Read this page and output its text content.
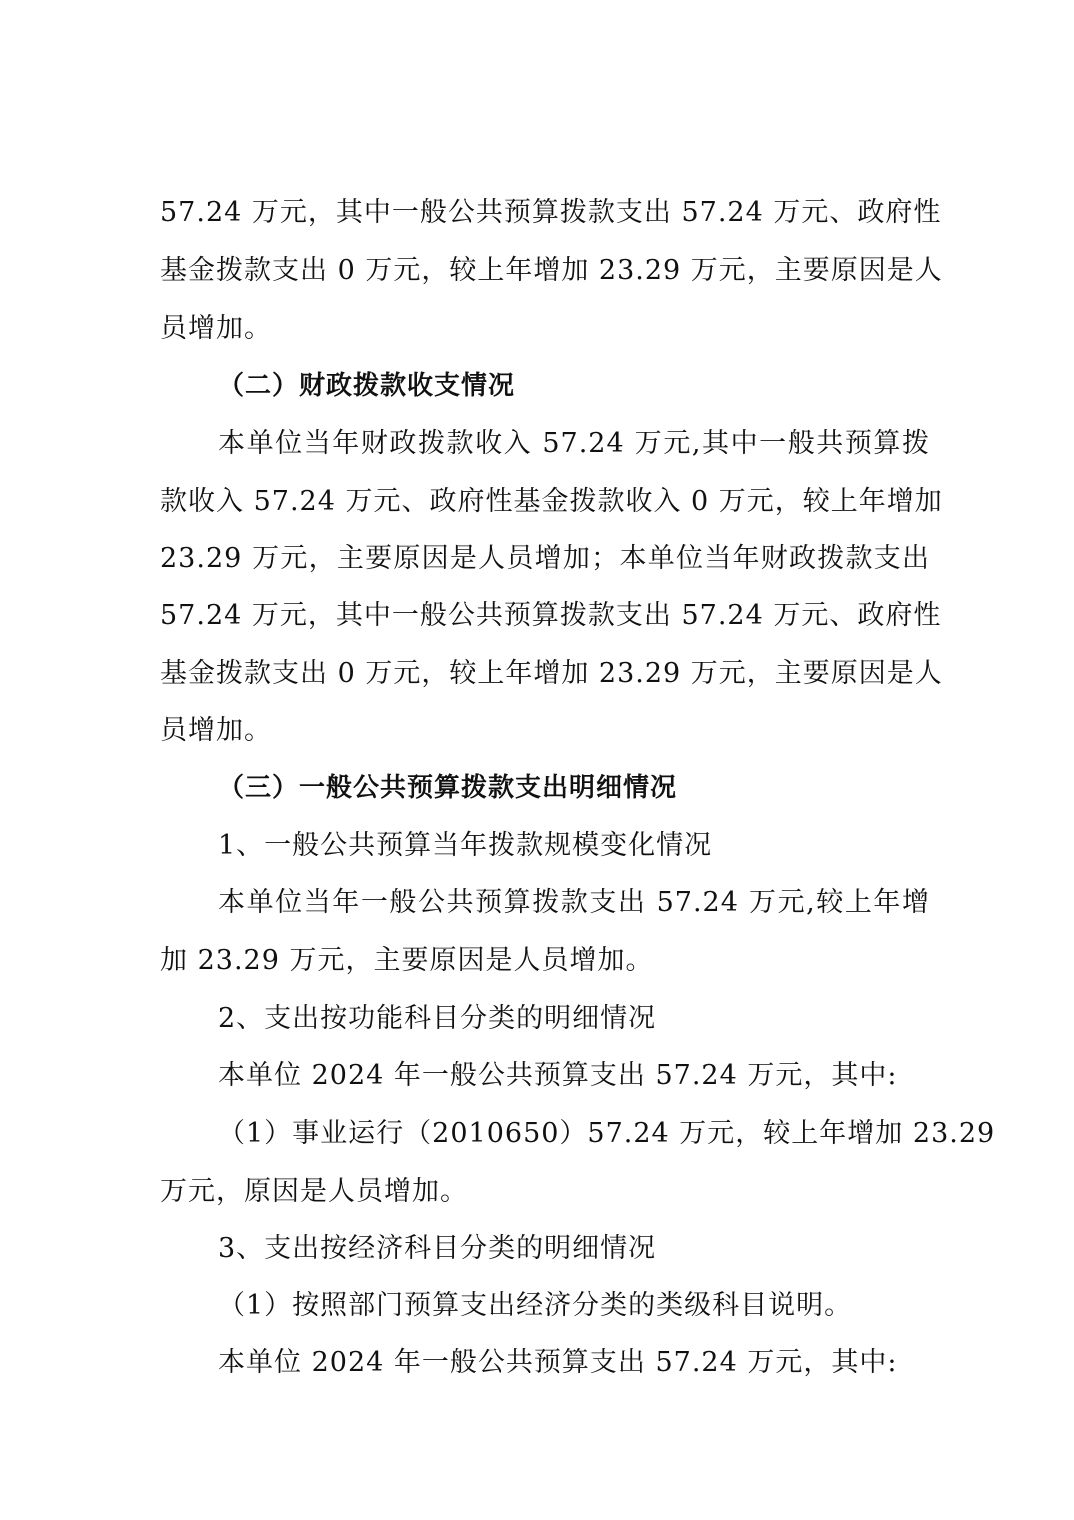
57.24 万元，其中一般公共预算拨款支出 57.24 万元、政府性
基金拨款支出 0 万元，较上年增加 23.29 万元，主要原因是人
员增加。
（二）财政拨款收支情况
本单位当年财政拨款收入 57.24 万元,其中一般共预算拨
款收入 57.24 万元、政府性基金拨款收入 0 万元，较上年增加
23.29 万元，主要原因是人员增加；本单位当年财政拨款支出
57.24 万元，其中一般公共预算拨款支出 57.24 万元、政府性
基金拨款支出 0 万元，较上年增加 23.29 万元，主要原因是人
员增加。
（三）一般公共预算拨款支出明细情况
1、一般公共预算当年拨款规模变化情况
本单位当年一般公共预算拨款支出 57.24 万元,较上年增
加 23.29 万元，主要原因是人员增加。
2、支出按功能科目分类的明细情况
本单位 2024 年一般公共预算支出 57.24 万元，其中:
（1）事业运行（2010650）57.24 万元，较上年增加 23.29
万元，原因是人员增加。
3、支出按经济科目分类的明细情况
（1）按照部门预算支出经济分类的类级科目说明。
本单位 2024 年一般公共预算支出 57.24 万元，其中:
